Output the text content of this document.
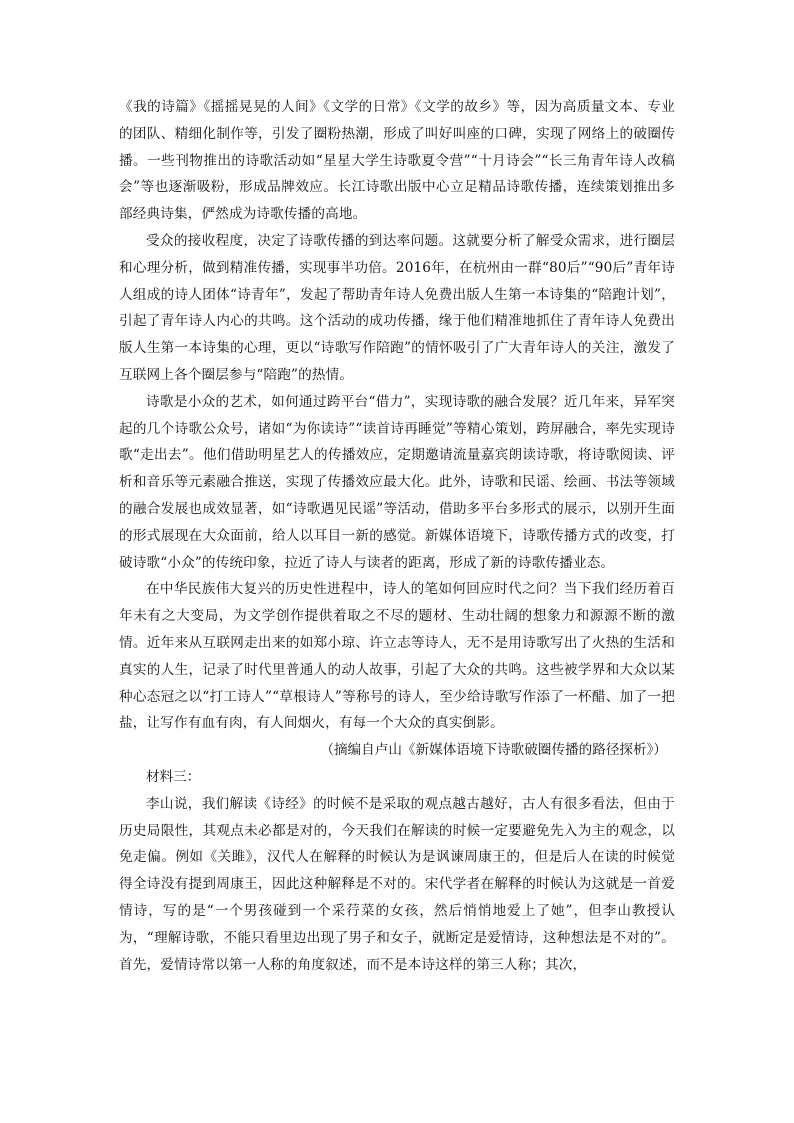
《我的诗篇》《摇摇晃晃的人间》《文学的日常》《文学的故乡》等，因为高质量文本、专业的团队、精细化制作等，引发了圈粉热潮，形成了叫好叫座的口碑，实现了网络上的破圈传播。一些刊物推出的诗歌活动如“星星大学生诗歌夏令营”“十月诗会”“长三角青年诗人改稿会”等也逐渐吸粉，形成品牌效应。长江诗歌出版中心立足精品诗歌传播，连续策划推出多部经典诗集，俨然成为诗歌传播的高地。

受众的接收程度，决定了诗歌传播的到达率问题。这就要分析了解受众需求，进行圈层和心理分析，做到精准传播，实现事半功倍。2016年，在杭州由一群“80后”“90后”青年诗人组成的诗人团体“诗青年”，发起了帮助青年诗人免费出版人生第一本诗集的“陪跑计划”，引起了青年诗人内心的共鸣。这个活动的成功传播，缘于他们精准地抓住了青年诗人免费出版人生第一本诗集的心理，更以“诗歌写作陪跑”的情怀吸引了广大青年诗人的关注，激发了互联网上各个圈层参与“陪跑”的热情。

诗歌是小众的艺术，如何通过跨平台“借力”，实现诗歌的融合发展？近几年来，异军突起的几个诗歌公众号，诸如“为你读诗”“读首诗再睡觉”等精心策划，跨屏融合，率先实现诗歌“走出去”。他们借助明星艺人的传播效应，定期邀请流量嘉宾朗读诗歌，将诗歌阅读、评析和音乐等元素融合推送，实现了传播效应最大化。此外，诗歌和民谣、绘画、书法等领域的融合发展也成效显著，如“诗歌遇见民谣”等活动，借助多平台多形式的展示，以别开生面的形式展现在大众面前，给人以耳目一新的感觉。新媒体语境下，诗歌传播方式的改变，打破诗歌“小众”的传统印象，拉近了诗人与读者的距离，形成了新的诗歌传播业态。

在中华民族伟大复兴的历史性进程中，诗人的笔如何回应时代之问？当下我们经历着百年未有之大变局，为文学创作提供着取之不尽的题材、生动壮阔的想象力和源源不断的激情。近年来从互联网走出来的如郑小琼、许立志等诗人，无不是用诗歌写出了火热的生活和真实的人生，记录了时代里普通人的动人故事，引起了大众的共鸣。这些被学界和大众以某种心态冠之以“打工诗人”“草根诗人”等称号的诗人，至少给诗歌写作添了一杯醋、加了一把盐，让写作有血有肉，有人间烟火，有每一个大众的真实倒影。

（摘编自卢山《新媒体语境下诗歌破圈传播的路径探析》）

材料三：

李山说，我们解读《诗经》的时候不是采取的观点越古越好，古人有很多看法，但由于历史局限性，其观点未必都是对的，今天我们在解读的时候一定要避免先入为主的观念，以免走偏。例如《关雎》，汉代人在解释的时候认为是讽谏周康王的，但是后人在读的时候觉得全诗没有提到周康王，因此这种解释是不对的。宋代学者在解释的时候认为这就是一首爱情诗，写的是“一个男孩碰到一个采荇菜的女孩，然后悄悄地爱上了她”，但李山教授认为，“理解诗歌，不能只看里边出现了男子和女子，就断定是爱情诗，这种想法是不对的”。首先，爱情诗常以第一人称的角度叙述，而不是本诗这样的第三人称；其次，
